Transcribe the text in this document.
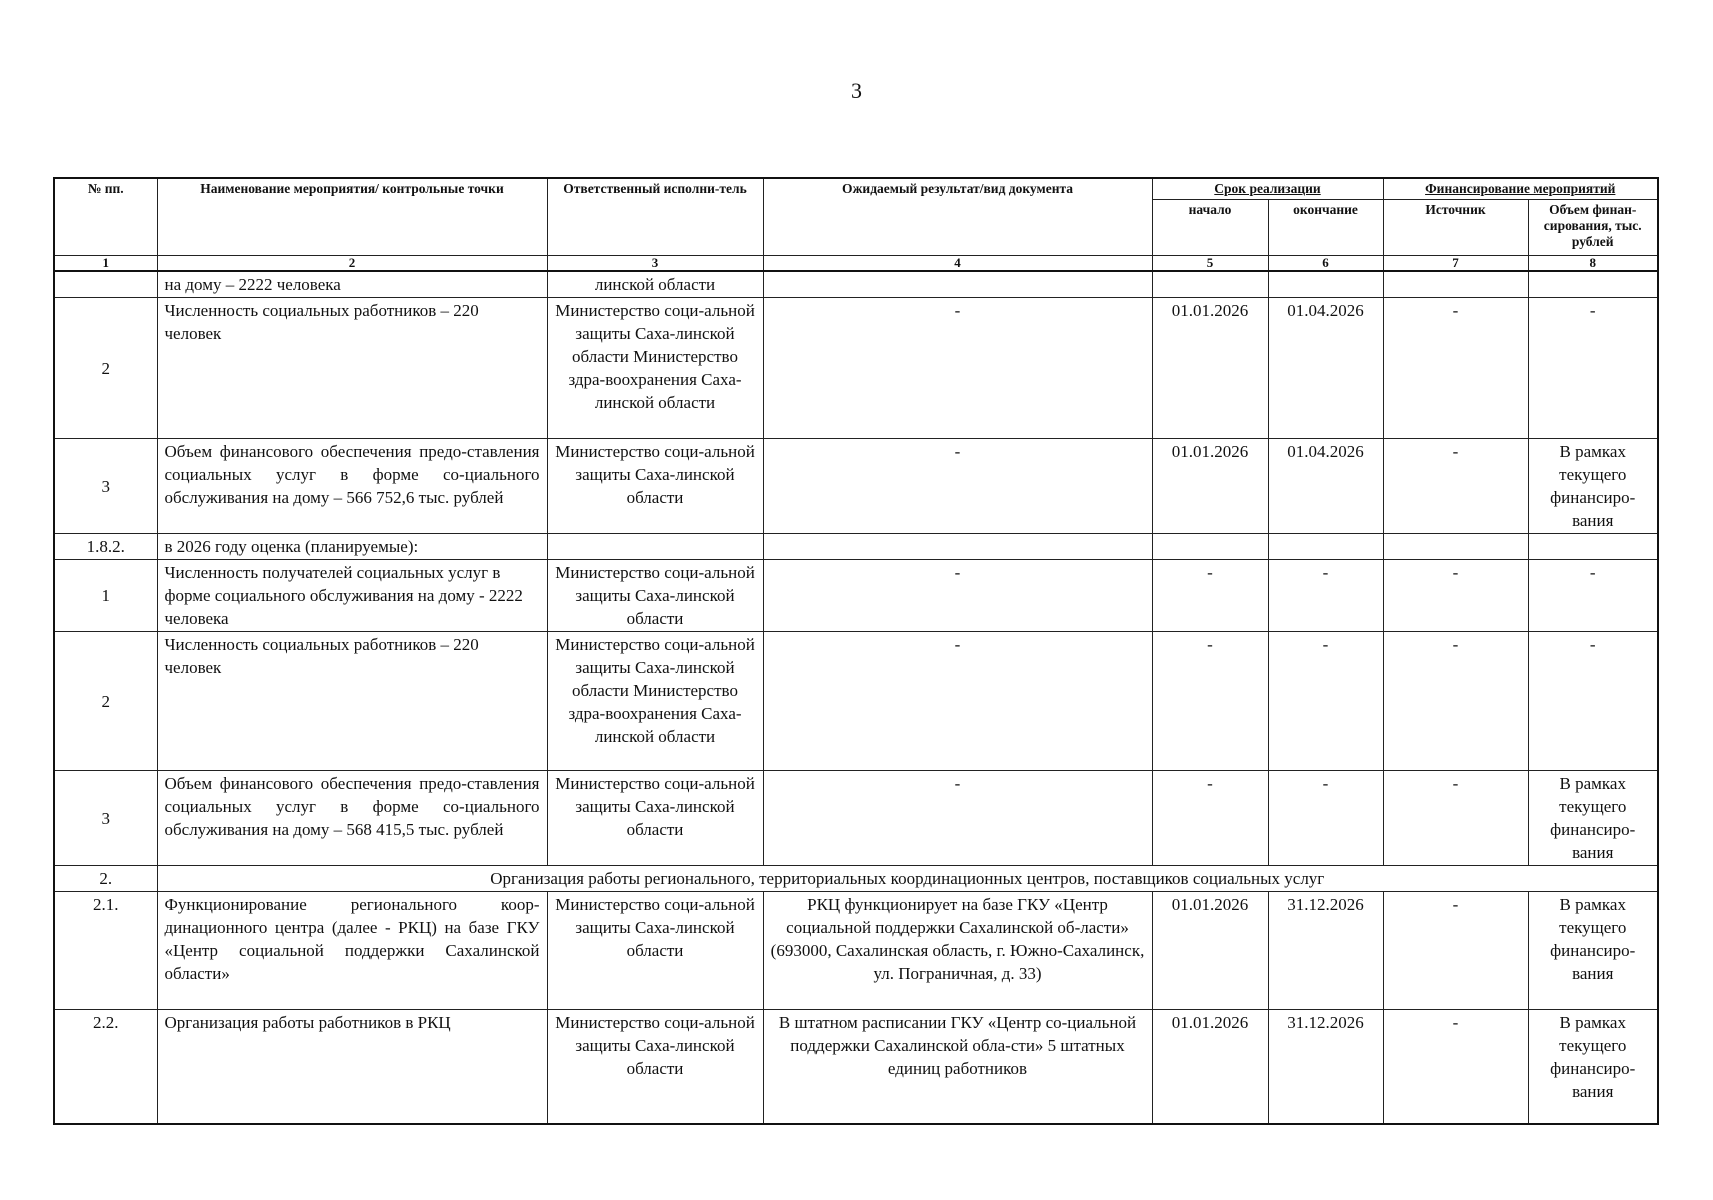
3
№ пп.	Наименование мероприятия/ контрольные точки	Ответственный исполни-тель	Ожидаемый результат/вид документа	Срок реализации		Финансирование мероприятий	
				начало	окончание	Источник	Объем финан-сирования, тыс. рублей
1	2	3	4	5	6	7	8
	на дому – 2222 человека	линской области					
2	Численность социальных работников – 220 человек	Министерство соци-альной защиты Саха-линской области Министерство здра-воохранения Саха-линской области	-	01.01.2026	01.04.2026	-	-
3	Объем финансового обеспечения предо-ставления социальных услуг в форме со-циального обслуживания на дому – 566 752,6 тыс. рублей	Министерство соци-альной защиты Саха-линской области	-	01.01.2026	01.04.2026	-	В рамках текущего финансиро-вания
1.8.2.	в 2026 году оценка (планируемые):						
1	Численность получателей социальных услуг в форме социального обслуживания на дому - 2222 человека	Министерство соци-альной защиты Саха-линской области	-	-	-	-	-
2	Численность социальных работников – 220 человек	Министерство соци-альной защиты Саха-линской области Министерство здра-воохранения Саха-линской области	-	-	-	-	-
3	Объем финансового обеспечения предо-ставления социальных услуг в форме со-циального обслуживания на дому – 568 415,5 тыс. рублей	Министерство соци-альной защиты Саха-линской области	-	-	-	-	В рамках текущего финансиро-вания
2.	Организация работы регионального, территориальных координационных центров, поставщиков социальных услуг						
2.1.	Функционирование регионального коор-динационного центра (далее - РКЦ) на базе ГКУ «Центр социальной поддержки Сахалинской области»	Министерство соци-альной защиты Саха-линской области	РКЦ функционирует на базе ГКУ «Центр социальной поддержки Сахалинской об-ласти» (693000, Сахалинская область, г. Южно-Сахалинск, ул. Пограничная, д. 33)	01.01.2026	31.12.2026	-	В рамках текущего финансиро-вания
2.2.	Организация работы работников в РКЦ	Министерство соци-альной защиты Саха-линской области	В штатном расписании ГКУ «Центр со-циальной поддержки Сахалинской обла-сти» 5 штатных единиц работников	01.01.2026	31.12.2026	-	В рамках текущего финансиро-вания
